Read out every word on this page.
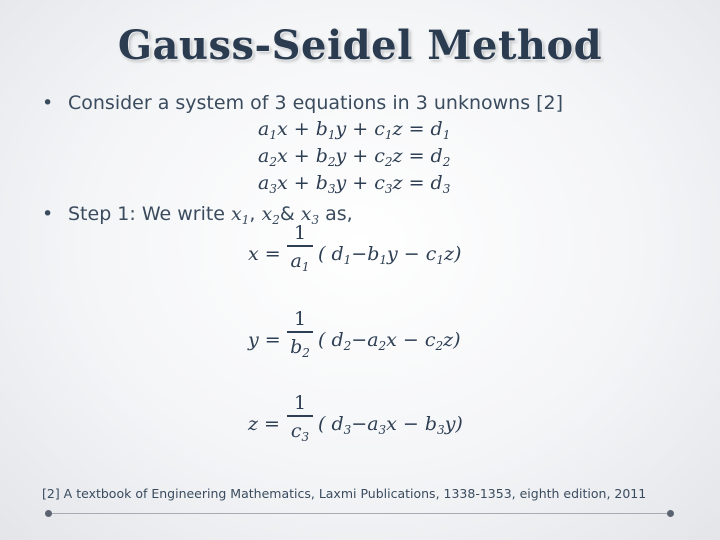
Gauss-Seidel Method
• Consider a system of 3 equations in 3 unknowns [2]
$a_1x + b_1y + c_1z = d_1$
$a_2x + b_2y + c_2z = d_2$
$a_3x + b_3y + c_3z = d_3$
• Step 1: We write $x_1$, $x_2\&$ $x_3$ as,
x =
1
$a_1$
( $d_1-b_1y - c_1z$)
y =
1
$b_2$
( $d_2-a_2x - c_2z$)
z =
1
$c_3$
( $d_3-a_3x - b_3y$)
[2] A textbook of Engineering Mathematics, Laxmi Publications, 1338-1353, eighth edition, 2011
